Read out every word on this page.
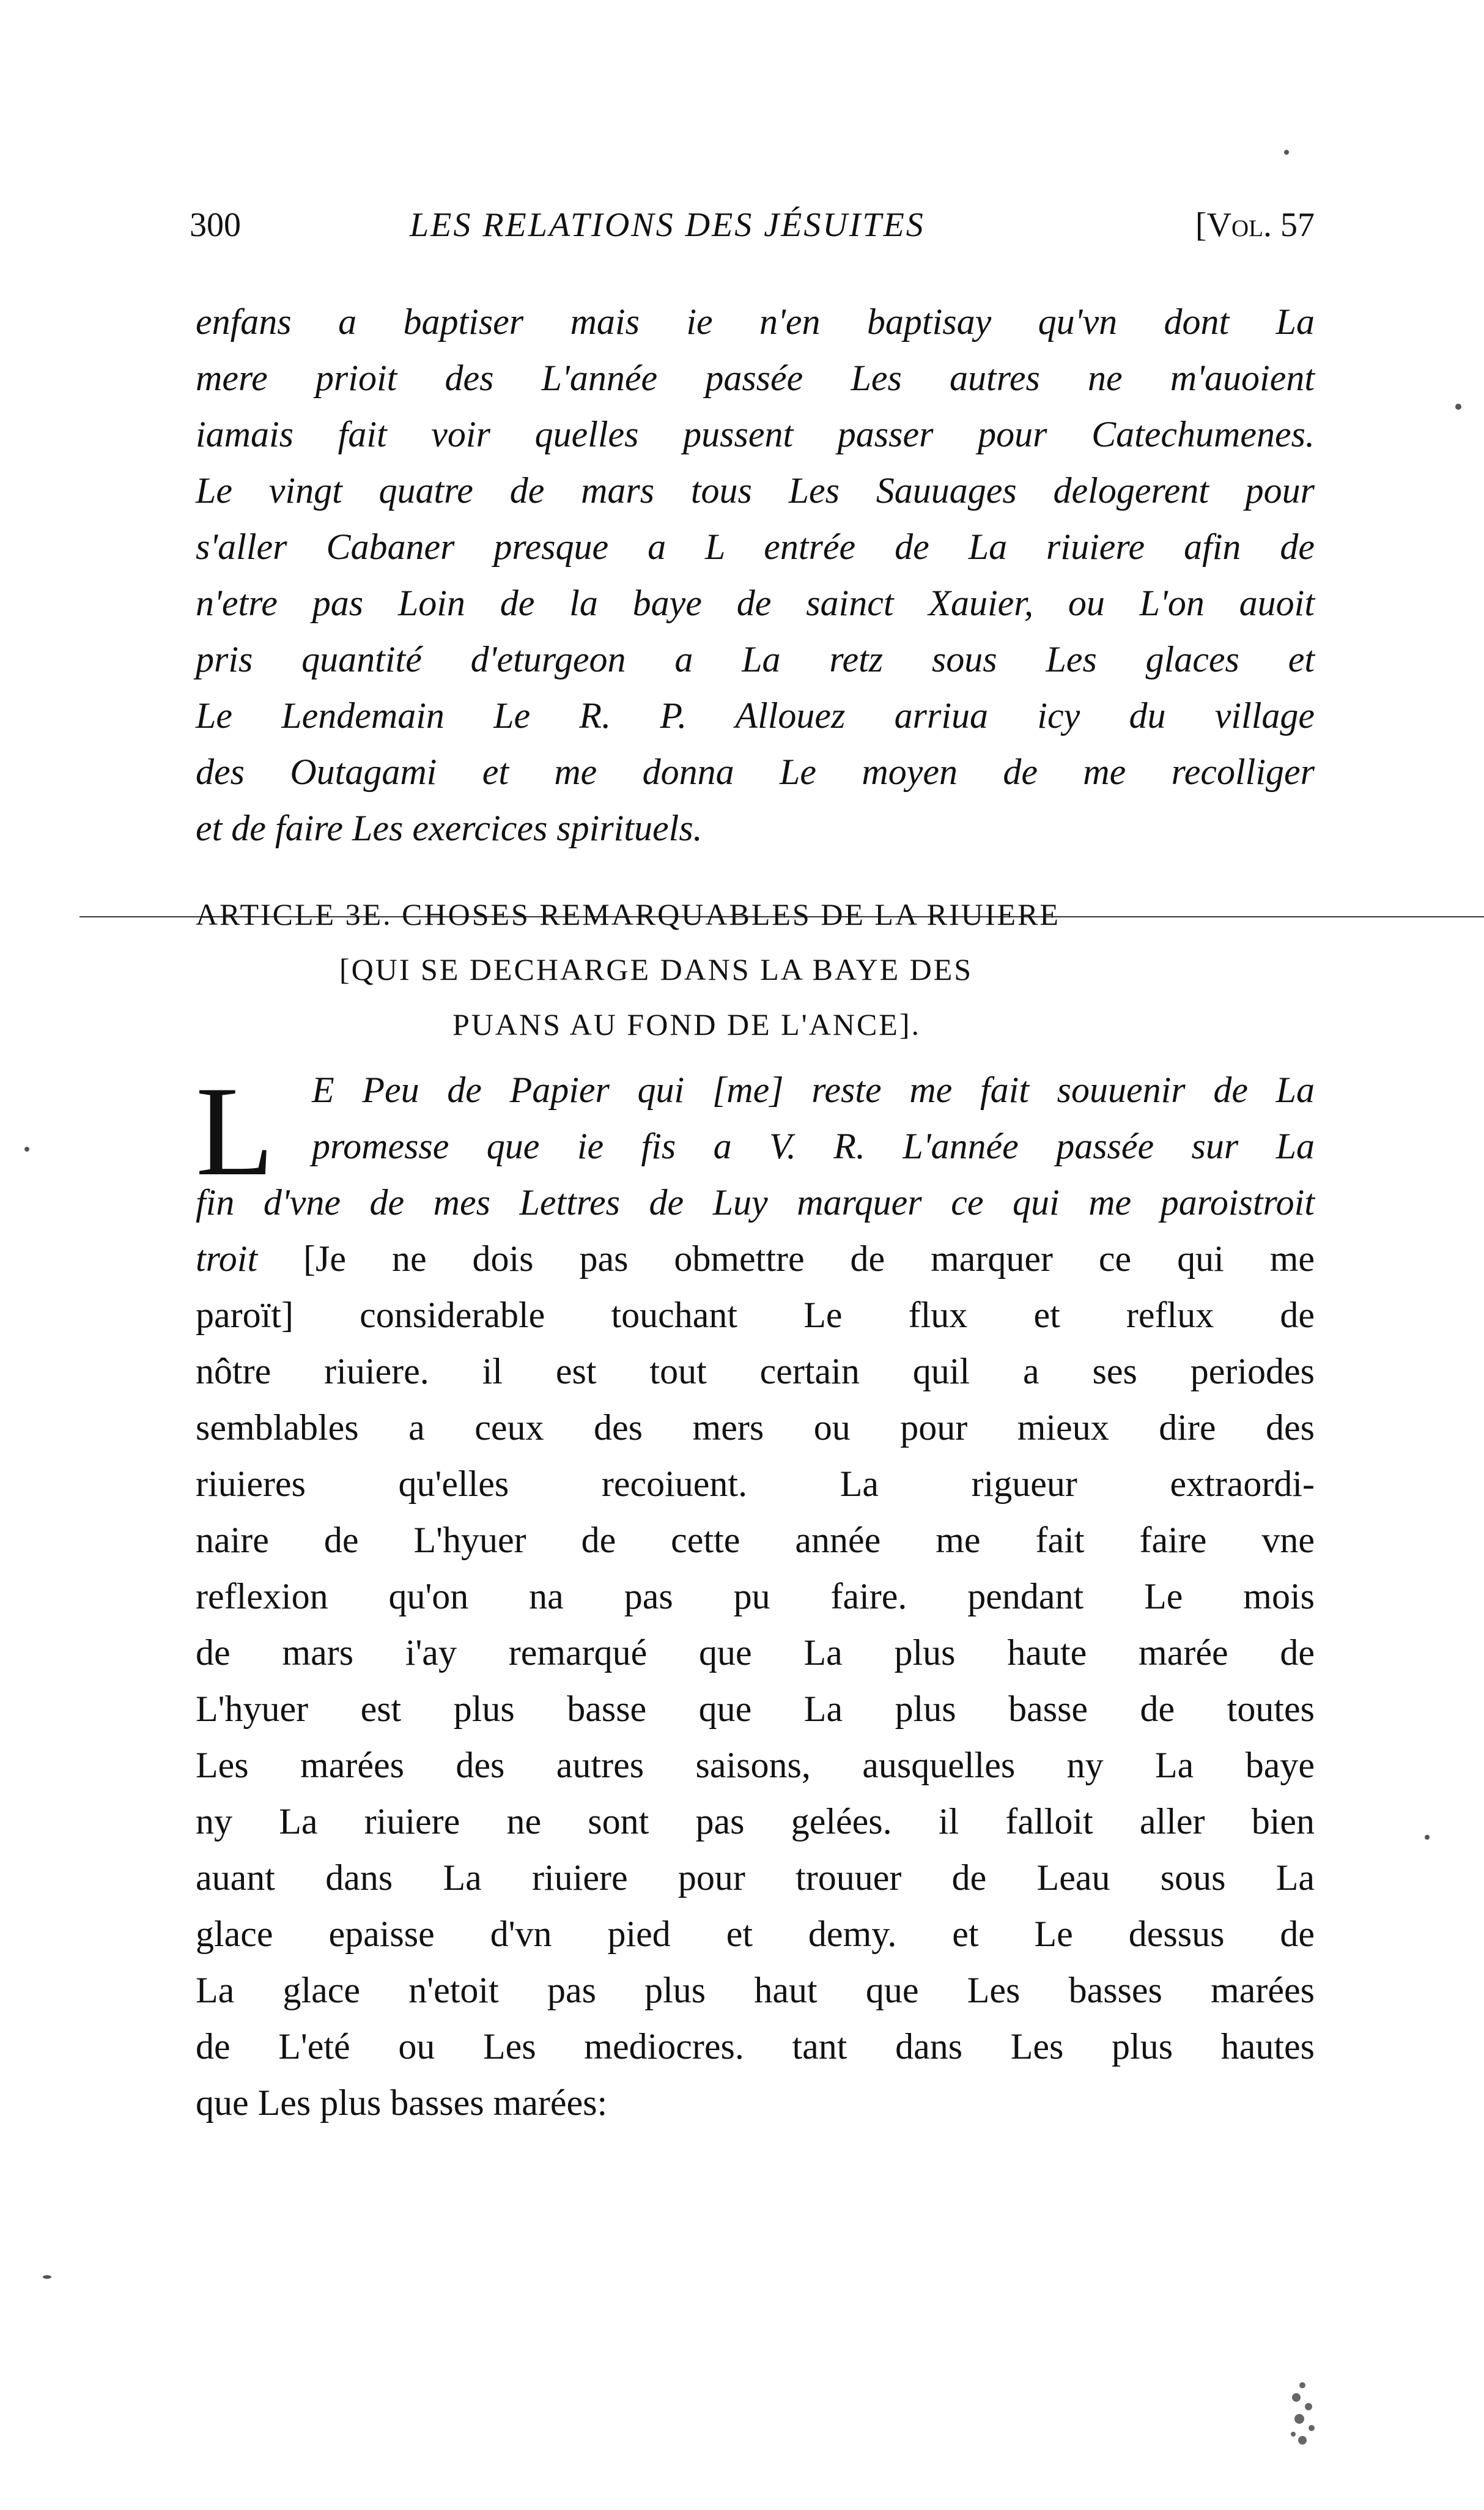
300	LES RELATIONS DES JÉSUITES	[Vol. 57
enfans a baptiser mais ie n'en baptisay qu'vn dont La
mere prioit des L'année passée Les autres ne m'auoient
iamais fait voir quelles pussent passer pour Catechumenes.
Le vingt quatre de mars tous Les Sauuages delogerent pour
s'aller Cabaner presque a L entrée de La riuiere afin de
n'etre pas Loin de la baye de sainct Xauier, ou L'on auoit
pris quantité d'eturgeon a La retz sous Les glaces et
Le Lendemain Le R. P. Allouez arriua icy du village
des Outagami et me donna Le moyen de me recolliger
et de faire Les exercices spirituels.
ARTICLE 3E. CHOSES REMARQUABLES DE LA RIUIERE
[QUI SE DECHARGE DANS LA BAYE DES
PUANS AU FOND DE L'ANCE].
L E Peu de Papier qui [me] reste me fait souuenir de La
promesse que ie fis a V. R. L'année passée sur La
fin d'vne de mes Lettres de Luy marquer ce qui me paroistroit
troit [Je ne dois pas obmettre de marquer ce qui me
paroït] considerable touchant Le flux et reflux de
nôtre riuiere. il est tout certain quil a ses periodes
semblables a ceux des mers ou pour mieux dire des
riuieres qu'elles recoiuent. La rigueur extraordi-
naire de L'hyuer de cette année me fait faire vne
reflexion qu'on na pas pu faire. pendant Le mois
de mars i'ay remarqué que La plus haute marée de
L'hyuer est plus basse que La plus basse de toutes
Les marées des autres saisons, ausquelles ny La baye
ny La riuiere ne sont pas gelées. il falloit aller bien
auant dans La riuiere pour trouuer de Leau sous La
glace epaisse d'vn pied et demy. et Le dessus de
La glace n'etoit pas plus haut que Les basses marées
de L'eté ou Les mediocres. tant dans Les plus hautes
que Les plus basses marées:
